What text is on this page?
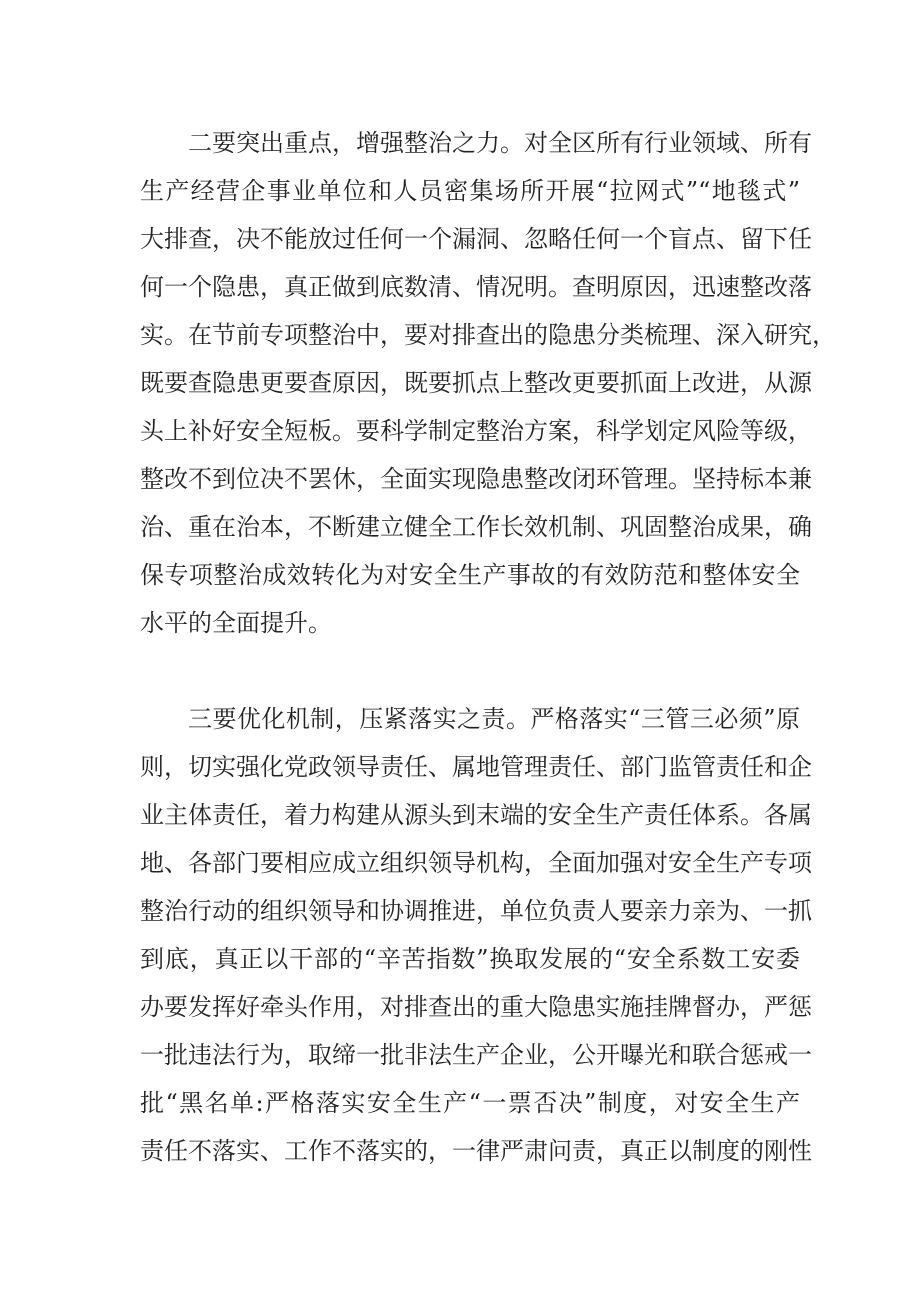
二要突出重点，增强整治之力。对全区所有行业领域、所有
生产经营企事业单位和人员密集场所开展“拉网式”“地毯式”
大排查，决不能放过任何一个漏洞、忽略任何一个盲点、留下任
何一个隐患，真正做到底数清、情况明。查明原因，迅速整改落
实。在节前专项整治中，要对排查出的隐患分类梳理、深入研究，
既要查隐患更要查原因，既要抓点上整改更要抓面上改进，从源
头上补好安全短板。要科学制定整治方案，科学划定风险等级，
整改不到位决不罢休，全面实现隐患整改闭环管理。坚持标本兼
治、重在治本，不断建立健全工作长效机制、巩固整治成果，确
保专项整治成效转化为对安全生产事故的有效防范和整体安全
水平的全面提升。
三要优化机制，压紧落实之责。严格落实“三管三必须”原
则，切实强化党政领导责任、属地管理责任、部门监管责任和企
业主体责任，着力构建从源头到末端的安全生产责任体系。各属
地、各部门要相应成立组织领导机构，全面加强对安全生产专项
整治行动的组织领导和协调推进，单位负责人要亲力亲为、一抓
到底，真正以干部的“辛苦指数”换取发展的“安全系数工安委
办要发挥好牵头作用，对排查出的重大隐患实施挂牌督办，严惩
一批违法行为，取缔一批非法生产企业，公开曝光和联合惩戒一
批“黑名单:严格落实安全生产“一票否决”制度，对安全生产
责任不落实、工作不落实的，一律严肃问责，真正以制度的刚性
